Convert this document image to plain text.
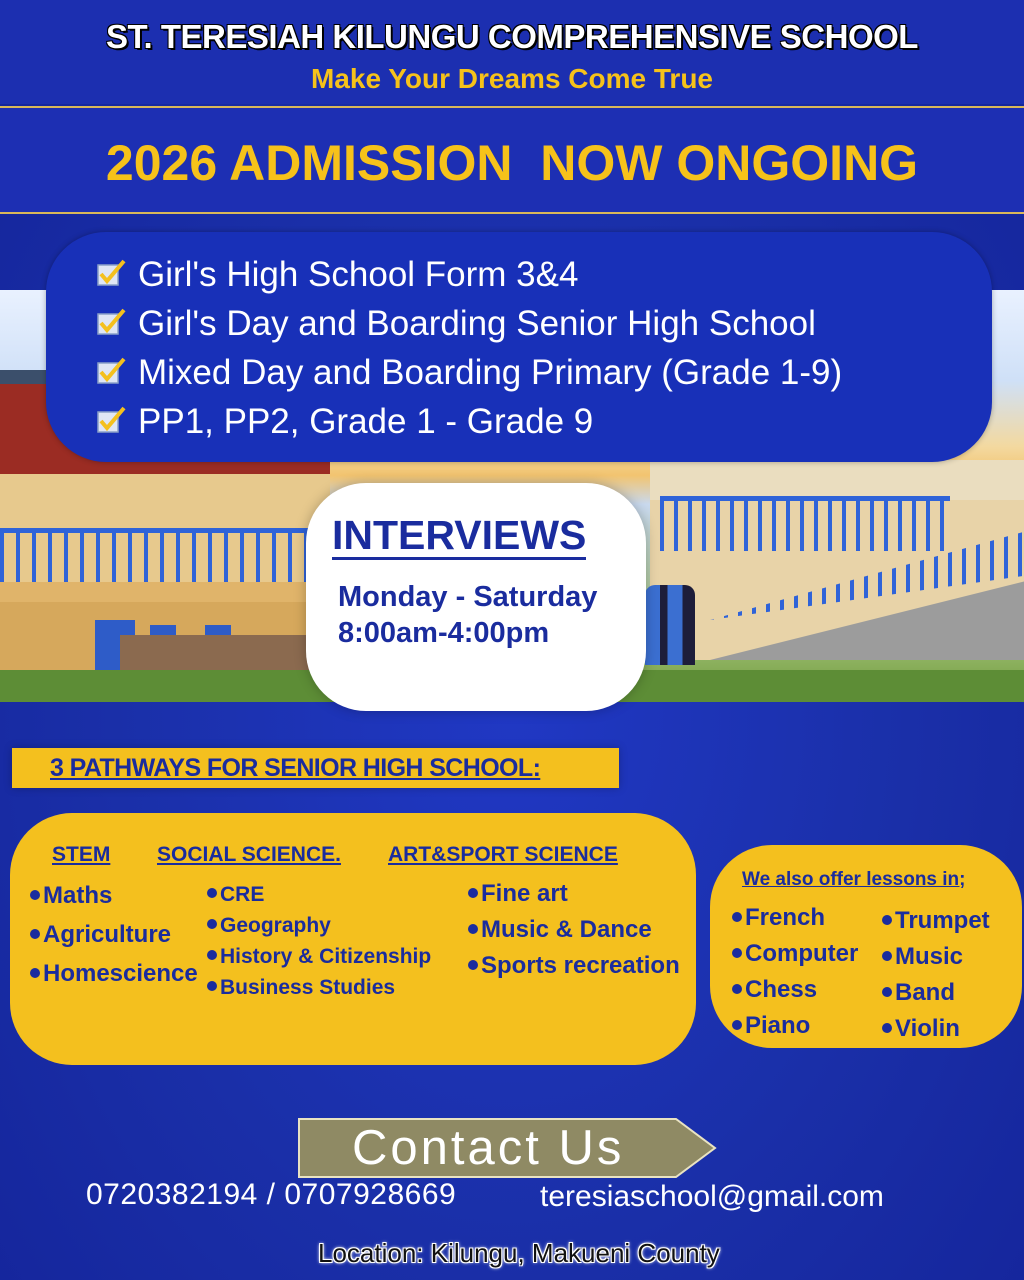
ST. TERESIAH KILUNGU COMPREHENSIVE SCHOOL
Make Your Dreams Come True
2026 ADMISSION  NOW ONGOING
Girl's High School Form 3&4
Girl's Day and Boarding Senior High School
Mixed Day and Boarding Primary (Grade 1-9)
PP1, PP2, Grade 1 - Grade 9
INTERVIEWS
Monday - Saturday
8:00am-4:00pm
3 PATHWAYS FOR SENIOR HIGH SCHOOL:
STEM SOCIAL SCIENCE. ART&SPORT SCIENCE
Maths
Agriculture
Homescience
CRE
Geography
History & Citizenship
Business Studies
Fine art
Music & Dance
Sports recreation
We also offer lessons in;
French
Computer
Chess
Piano
Trumpet
Music
Band
Violin
Contact Us
0720382194 / 0707928669	teresiaschool@gmail.com
Location: Kilungu, Makueni County
